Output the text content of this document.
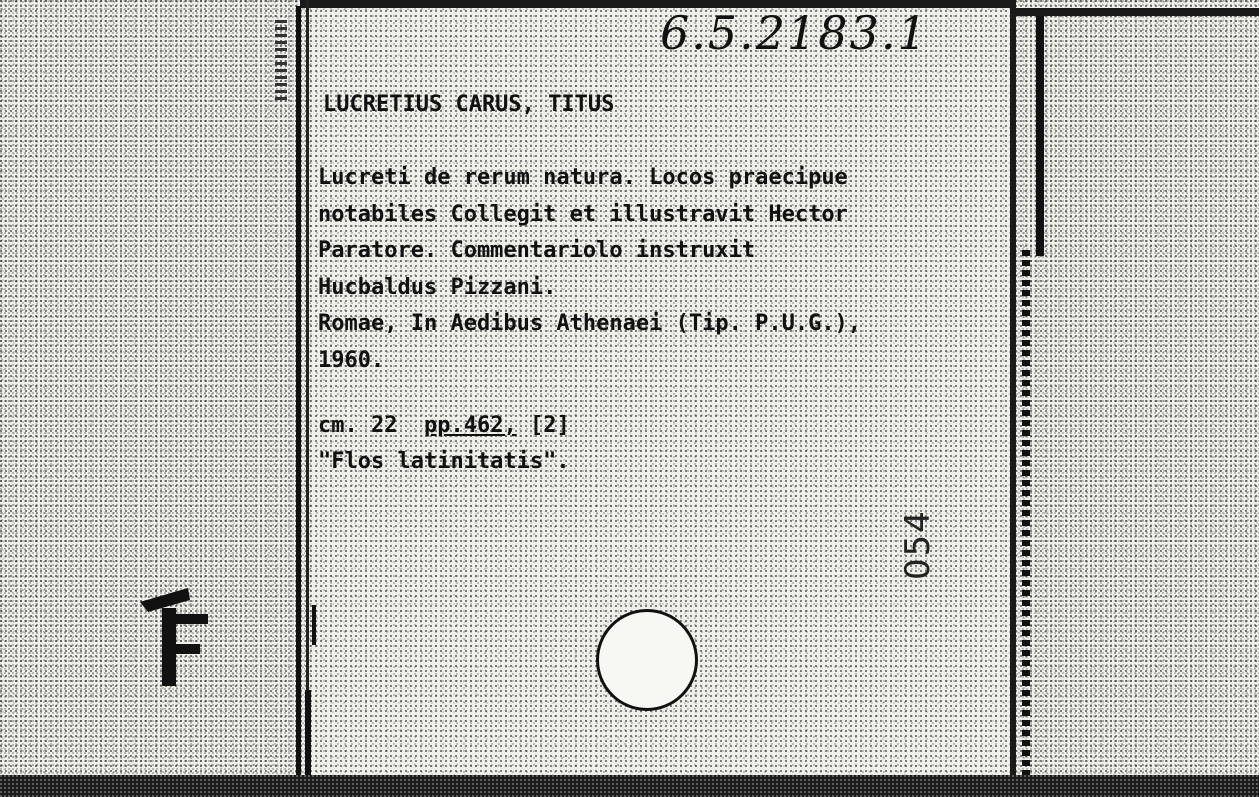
6.5.2183.1
LUCRETIUS CARUS, TITUS
Lucreti de rerum natura. Locos praecipue
notabiles Collegit et illustravit Hector
Paratore. Commentariolo instruxit
Hucbaldus Pizzani.
Romae, In Aedibus Athenaei (Tip. P.U.G.),
1960.
cm. 22 pp.462, [2]
"Flos latinitatis".
054
